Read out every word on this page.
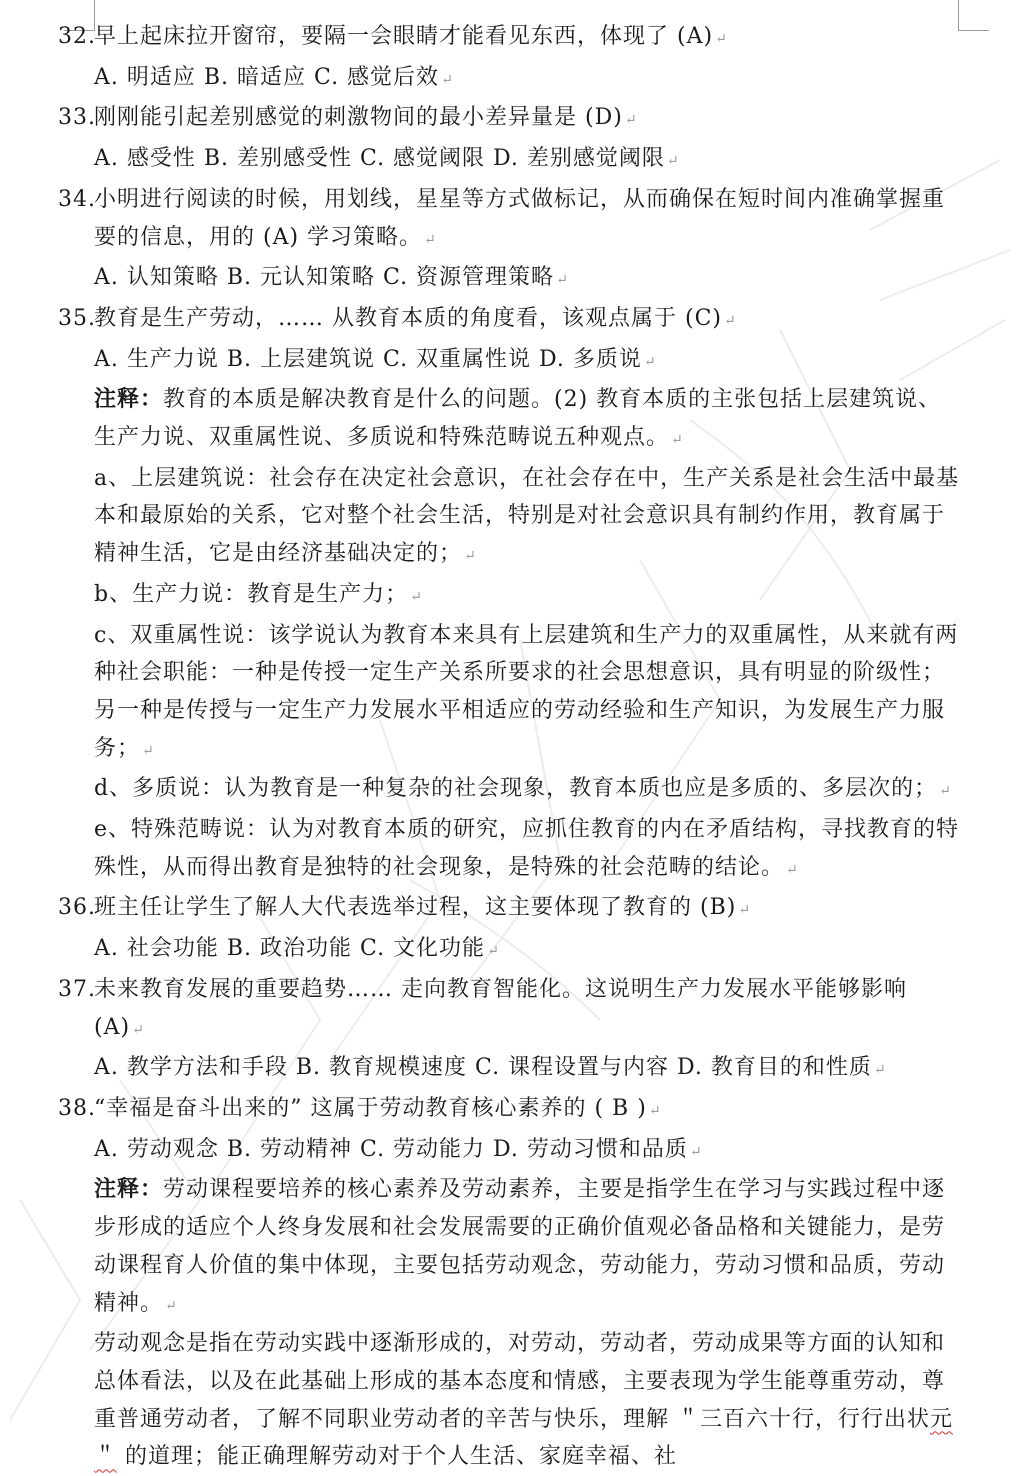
32.
早上起床拉开窗帘，要隔一会眼睛才能看见东西，体现了 (A) ↵
A. 明适应 B. 暗适应 C. 感觉后效 ↵
33.
刚刚能引起差别感觉的刺激物间的最小差异量是 (D) ↵
A. 感受性 B. 差别感受性 C. 感觉阈限 D. 差别感觉阈限 ↵
34.
小明进行阅读的时候，用划线，星星等方式做标记，从而确保在短时间内准确掌握重要的信息，用的 (A) 学习策略。 ↵
A. 认知策略 B. 元认知策略 C. 资源管理策略 ↵
35.
教育是生产劳动，…… 从教育本质的角度看，该观点属于 (C) ↵
A. 生产力说 B. 上层建筑说 C. 双重属性说 D. 多质说 ↵
注释：教育的本质是解决教育是什么的问题。(2) 教育本质的主张包括上层建筑说、生产力说、双重属性说、多质说和特殊范畴说五种观点。 ↵
a、上层建筑说：社会存在决定社会意识，在社会存在中，生产关系是社会生活中最基本和最原始的关系，它对整个社会生活，特别是对社会意识具有制约作用，教育属于精神生活，它是由经济基础决定的； ↵
b、生产力说：教育是生产力； ↵
c、双重属性说：该学说认为教育本来具有上层建筑和生产力的双重属性，从来就有两种社会职能：一种是传授一定生产关系所要求的社会思想意识，具有明显的阶级性；另一种是传授与一定生产力发展水平相适应的劳动经验和生产知识，为发展生产力服务； ↵
d、多质说：认为教育是一种复杂的社会现象，教育本质也应是多质的、多层次的； ↵
e、特殊范畴说：认为对教育本质的研究，应抓住教育的内在矛盾结构，寻找教育的特殊性，从而得出教育是独特的社会现象，是特殊的社会范畴的结论。 ↵
36.
班主任让学生了解人大代表选举过程，这主要体现了教育的 (B) ↵
A. 社会功能 B. 政治功能 C. 文化功能 ↵
37.
未来教育发展的重要趋势…… 走向教育智能化。这说明生产力发展水平能够影响 (A) ↵
A. 教学方法和手段 B. 教育规模速度 C. 课程设置与内容 D. 教育目的和性质 ↵
38.
“幸福是奋斗出来的” 这属于劳动教育核心素养的 ( B ) ↵
A. 劳动观念 B. 劳动精神 C. 劳动能力 D. 劳动习惯和品质 ↵
注释：劳动课程要培养的核心素养及劳动素养，主要是指学生在学习与实践过程中逐步形成的适应个人终身发展和社会发展需要的正确价值观必备品格和关键能力，是劳动课程育人价值的集中体现，主要包括劳动观念，劳动能力，劳动习惯和品质，劳动精神。 ↵
劳动观念是指在劳动实践中逐渐形成的，对劳动，劳动者，劳动成果等方面的认知和总体看法，以及在此基础上形成的基本态度和情感，主要表现为学生能尊重劳动，尊重普通劳动者，了解不同职业劳动者的辛苦与快乐，理解 ＂三百六十行，行行出状元＂ 的道理；能正确理解劳动对于个人生活、家庭幸福、社
